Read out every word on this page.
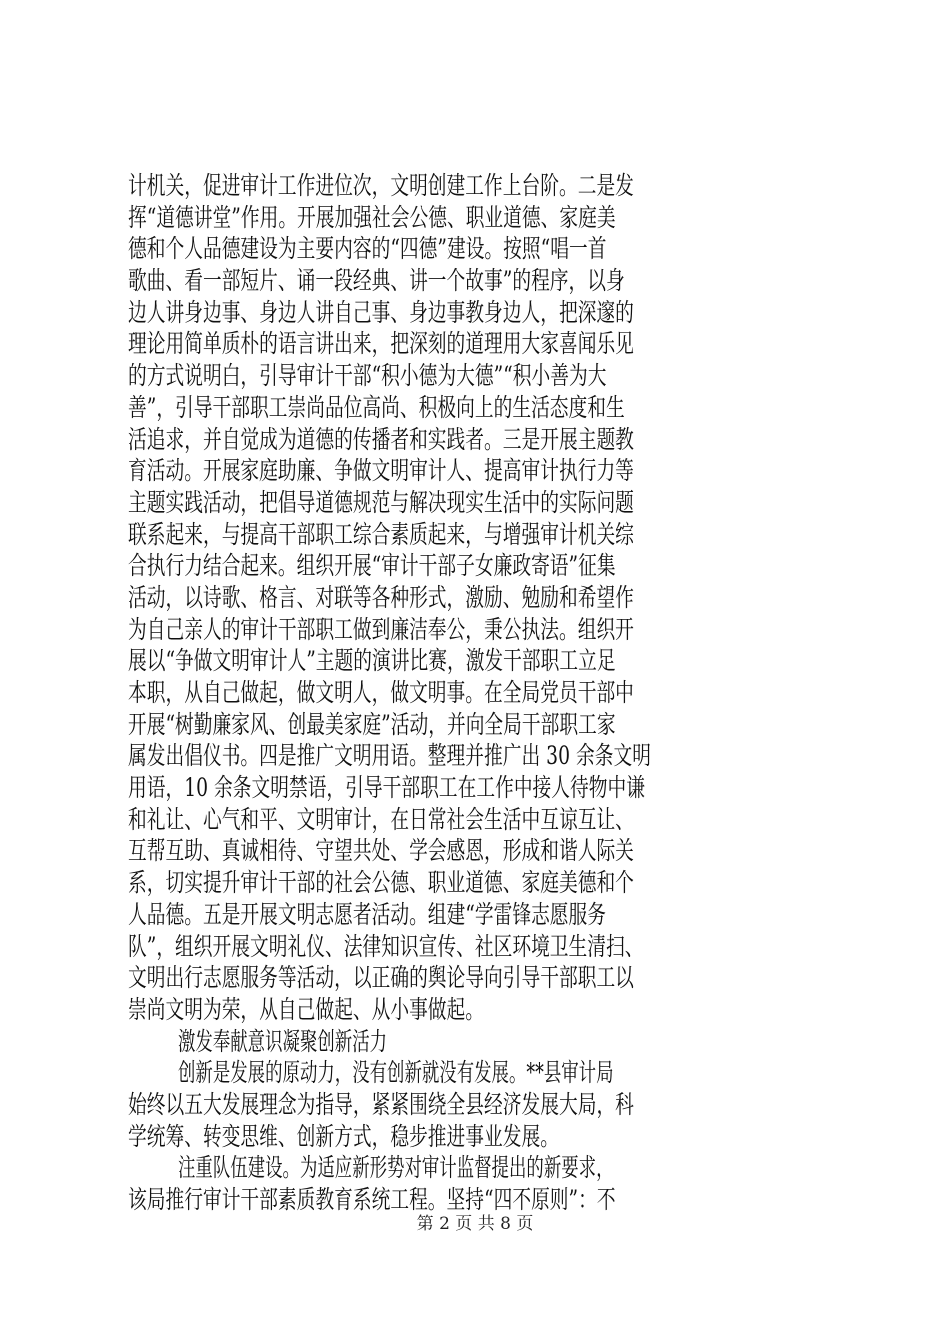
计机关，促进审计工作进位次，文明创建工作上台阶。二是发
挥“道德讲堂”作用。开展加强社会公德、职业道德、家庭美
德和个人品德建设为主要内容的“四德”建设。按照“唱一首
歌曲、看一部短片、诵一段经典、讲一个故事”的程序，以身
边人讲身边事、身边人讲自己事、身边事教身边人，把深邃的
理论用简单质朴的语言讲出来，把深刻的道理用大家喜闻乐见
的方式说明白，引导审计干部“积小德为大德”“积小善为大
善”，引导干部职工崇尚品位高尚、积极向上的生活态度和生
活追求，并自觉成为道德的传播者和实践者。三是开展主题教
育活动。开展家庭助廉、争做文明审计人、提高审计执行力等
主题实践活动，把倡导道德规范与解决现实生活中的实际问题
联系起来，与提高干部职工综合素质起来，与增强审计机关综
合执行力结合起来。组织开展“审计干部子女廉政寄语”征集
活动，以诗歌、格言、对联等各种形式，激励、勉励和希望作
为自己亲人的审计干部职工做到廉洁奉公，秉公执法。组织开
展以“争做文明审计人”主题的演讲比赛，激发干部职工立足
本职，从自己做起，做文明人，做文明事。在全局党员干部中
开展“树勤廉家风、创最美家庭”活动，并向全局干部职工家
属发出倡仪书。四是推广文明用语。整理并推广出 30 余条文明
用语，10 余条文明禁语，引导干部职工在工作中接人待物中谦
和礼让、心气和平、文明审计，在日常社会生活中互谅互让、
互帮互助、真诚相待、守望共处、学会感恩，形成和谐人际关
系，切实提升审计干部的社会公德、职业道德、家庭美德和个
人品德。五是开展文明志愿者活动。组建“学雷锋志愿服务
队”，组织开展文明礼仪、法律知识宣传、社区环境卫生清扫、
文明出行志愿服务等活动，以正确的舆论导向引导干部职工以
崇尚文明为荣，从自己做起、从小事做起。
激发奉献意识凝聚创新活力
创新是发展的原动力，没有创新就没有发展。**县审计局
始终以五大发展理念为指导，紧紧围绕全县经济发展大局，科
学统筹、转变思维、创新方式，稳步推进事业发展。
注重队伍建设。为适应新形势对审计监督提出的新要求，
该局推行审计干部素质教育系统工程。坚持“四不原则”：不
第 2 页 共 8 页
